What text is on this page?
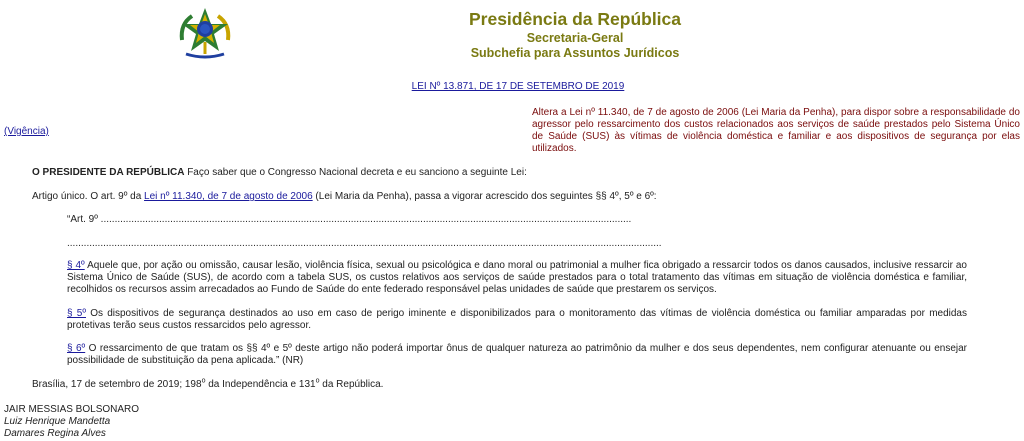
Presidência da República
Secretaria-Geral
Subchefia para Assuntos Jurídicos
LEI Nº 13.871, DE 17 DE SETEMBRO DE 2019
(Vigência)
Altera a Lei nº 11.340, de 7 de agosto de 2006 (Lei Maria da Penha), para dispor sobre a responsabilidade do agressor pelo ressarcimento dos custos relacionados aos serviços de saúde prestados pelo Sistema Único de Saúde (SUS) às vítimas de violência doméstica e familiar e aos dispositivos de segurança por elas utilizados.
O PRESIDENTE DA REPÚBLICA Faço saber que o Congresso Nacional decreta e eu sanciono a seguinte Lei:
Artigo único. O art. 9º da Lei nº 11.340, de 7 de agosto de 2006 (Lei Maria da Penha), passa a vigorar acrescido dos seguintes §§ 4º, 5º e 6º:
“Art. 9º ...............................................................................................................................................................................................
......................................................................................................................................................................................................................
§ 4º Aquele que, por ação ou omissão, causar lesão, violência física, sexual ou psicológica e dano moral ou patrimonial a mulher fica obrigado a ressarcir todos os danos causados, inclusive ressarcir ao Sistema Único de Saúde (SUS), de acordo com a tabela SUS, os custos relativos aos serviços de saúde prestados para o total tratamento das vítimas em situação de violência doméstica e familiar, recolhidos os recursos assim arrecadados ao Fundo de Saúde do ente federado responsável pelas unidades de saúde que prestarem os serviços.
§ 5º Os dispositivos de segurança destinados ao uso em caso de perigo iminente e disponibilizados para o monitoramento das vítimas de violência doméstica ou familiar amparadas por medidas protetivas terão seus custos ressarcidos pelo agressor.
§ 6º O ressarcimento de que tratam os §§ 4º e 5º deste artigo não poderá importar ônus de qualquer natureza ao patrimônio da mulher e dos seus dependentes, nem configurar atenuante ou ensejar possibilidade de substituição da pena aplicada.” (NR)
Brasília, 17 de setembro de 2019; 198$^o$ da Independência e 131$^o$ da República.
JAIR MESSIAS BOLSONARO
Luiz Henrique Mandetta
Damares Regina Alves
